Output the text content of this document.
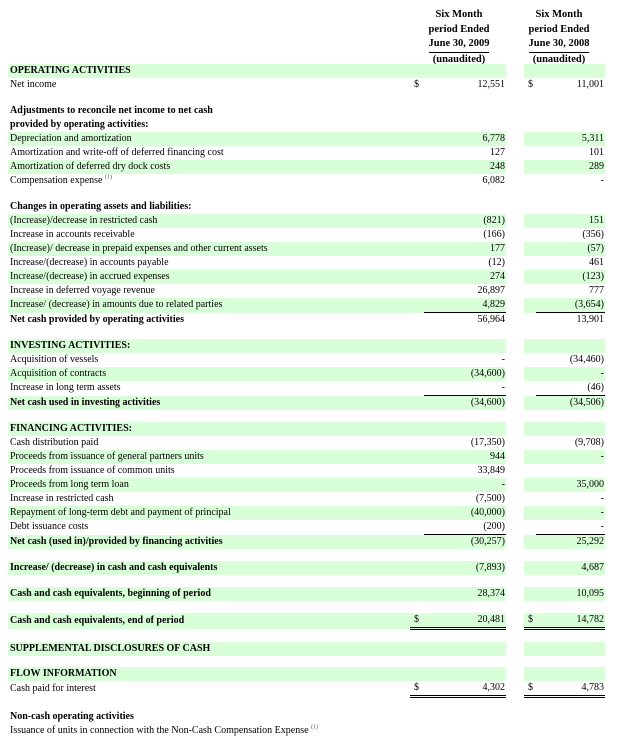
Six Month
period Ended
June 30, 2009
(unaudited)
Six Month
period Ended
June 30, 2008
(unaudited)
OPERATING ACTIVITIES					
Net income	$	12,551		$	11,001

Adjustments to reconcile net income to net cash					
provided by operating activities:					
Depreciation and amortization		6,778			5,311
Amortization and write-off of deferred financing cost		127			101
Amortization of deferred dry dock costs		248			289
Compensation expense $^{(1)}$		6,082			-

Changes in operating assets and liabilities:					
(Increase)/decrease in restricted cash		(821)			151
Increase in accounts receivable		(166)			(356)
(Increase)/ decrease in prepaid expenses and other current assets		177			(57)
Increase/(decrease) in accounts payable		(12)			461
Increase/(decrease) in accrued expenses		274			(123)
Increase in deferred voyage revenue		26,897			777
Increase/ (decrease) in amounts due to related parties		4,829			(3,654)
Net cash provided by operating activities		56,964			13,901

INVESTING ACTIVITIES:					
Acquisition of vessels		-			(34,460)
Acquisition of contracts		(34,600)			-
Increase in long term assets		-			(46)
Net cash used in investing activities		(34,600)			(34,506)

FINANCING ACTIVITIES:					
Cash distribution paid		(17,350)			(9,708)
Proceeds from issuance of general partners units		944			-
Proceeds from issuance of common units		33,849			
Proceeds from long term loan		-			35,000
Increase in restricted cash		(7,500)			-
Repayment of long-term debt and payment of principal		(40,000)			-
Debt issuance costs		(200)			-
Net cash (used in)/provided by financing activities		(30,257)			25,292

Increase/ (decrease) in cash and cash equivalents		(7,893)			4,687

Cash and cash equivalents, beginning of period		28,374			10,095

Cash and cash equivalents, end of period	$	20,481		$	14,782

SUPPLEMENTAL DISCLOSURES OF CASH					

FLOW INFORMATION					
Cash paid for interest	$	4,302		$	4,783

Non-cash operating activities					
Issuance of units in connection with the Non-Cash Compensation Expense $^{(1)}$					
